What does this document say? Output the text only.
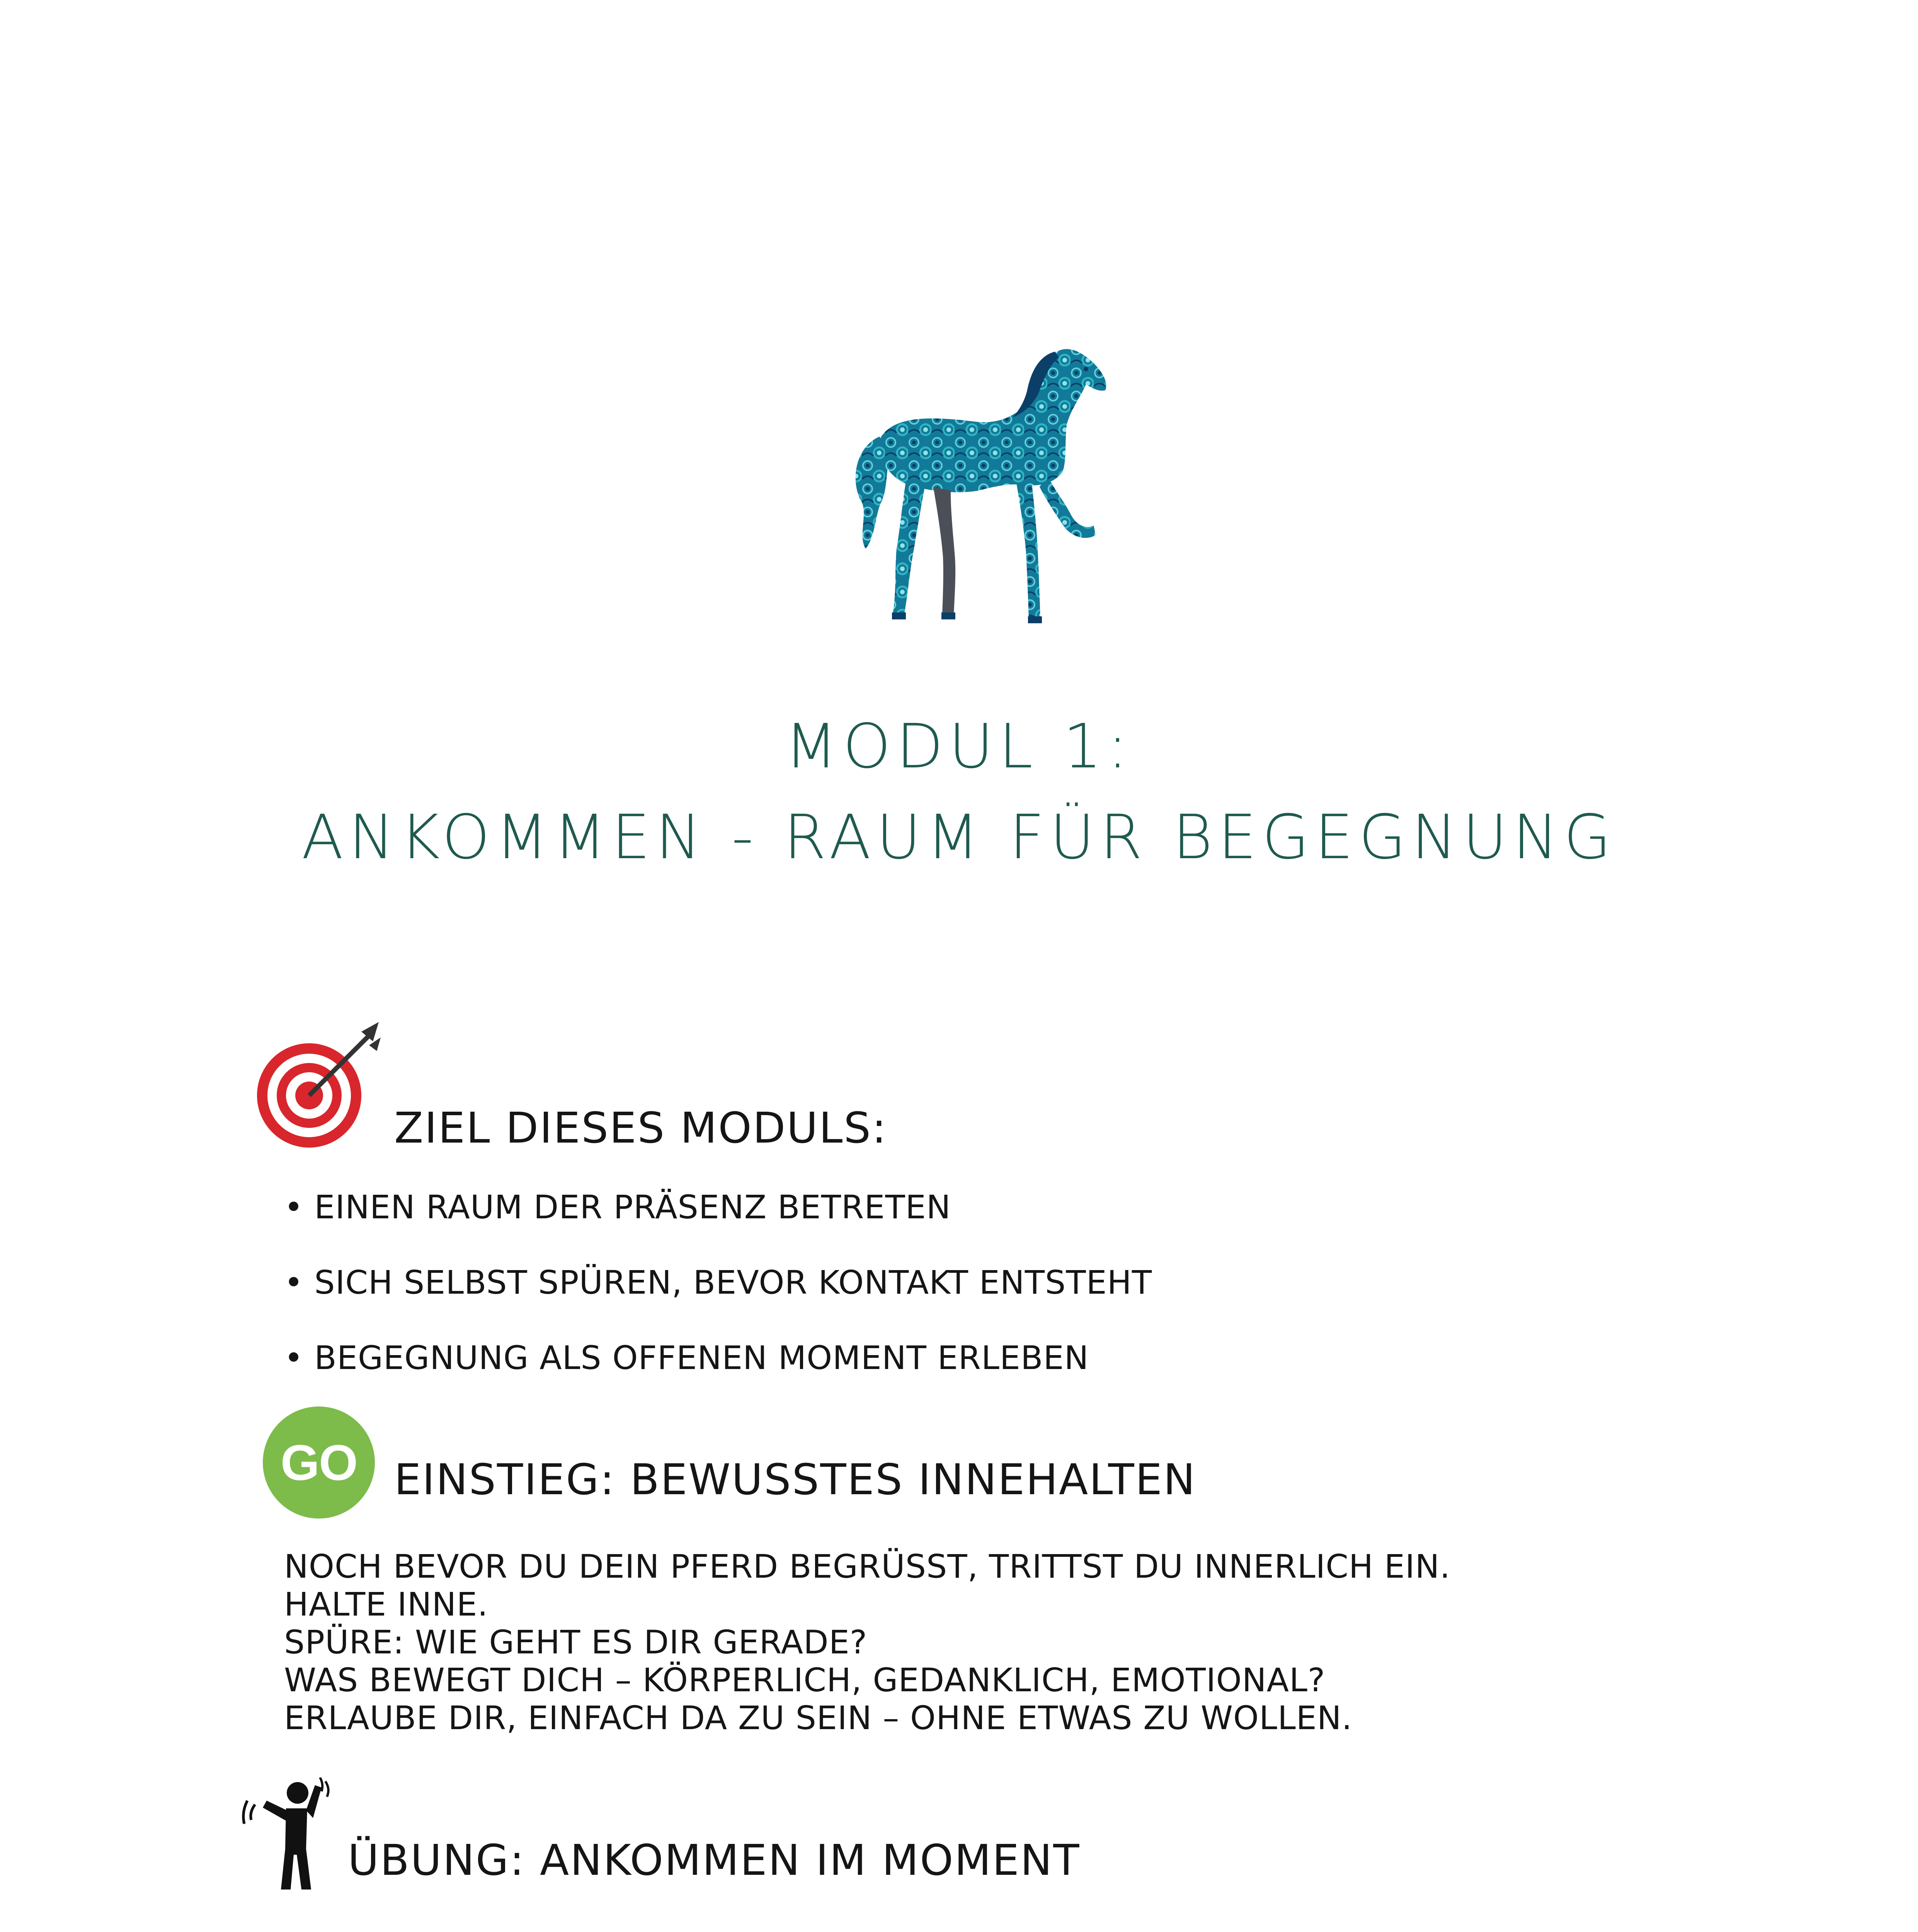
MODUL 1:
ANKOMMEN - RAUM FÜR BEGEGNUNG
ZIEL DIESES MODULS:
• EINEN RAUM DER PRÄSENZ BETRETEN
• SICH SELBST SPÜREN, BEVOR KONTAKT ENTSTEHT
• BEGEGNUNG ALS OFFENEN MOMENT ERLEBEN
GO EINSTIEG: BEWUSSTES INNEHALTEN
NOCH BEVOR DU DEIN PFERD BEGRÜSST, TRITTST DU INNERLICH EIN.
HALTE INNE.
SPÜRE: WIE GEHT ES DIR GERADE?
WAS BEWEGT DICH – KÖRPERLICH, GEDANKLICH, EMOTIONAL?
ERLAUBE DIR, EINFACH DA ZU SEIN – OHNE ETWAS ZU WOLLEN.
ÜBUNG: ANKOMMEN IM MOMENT
